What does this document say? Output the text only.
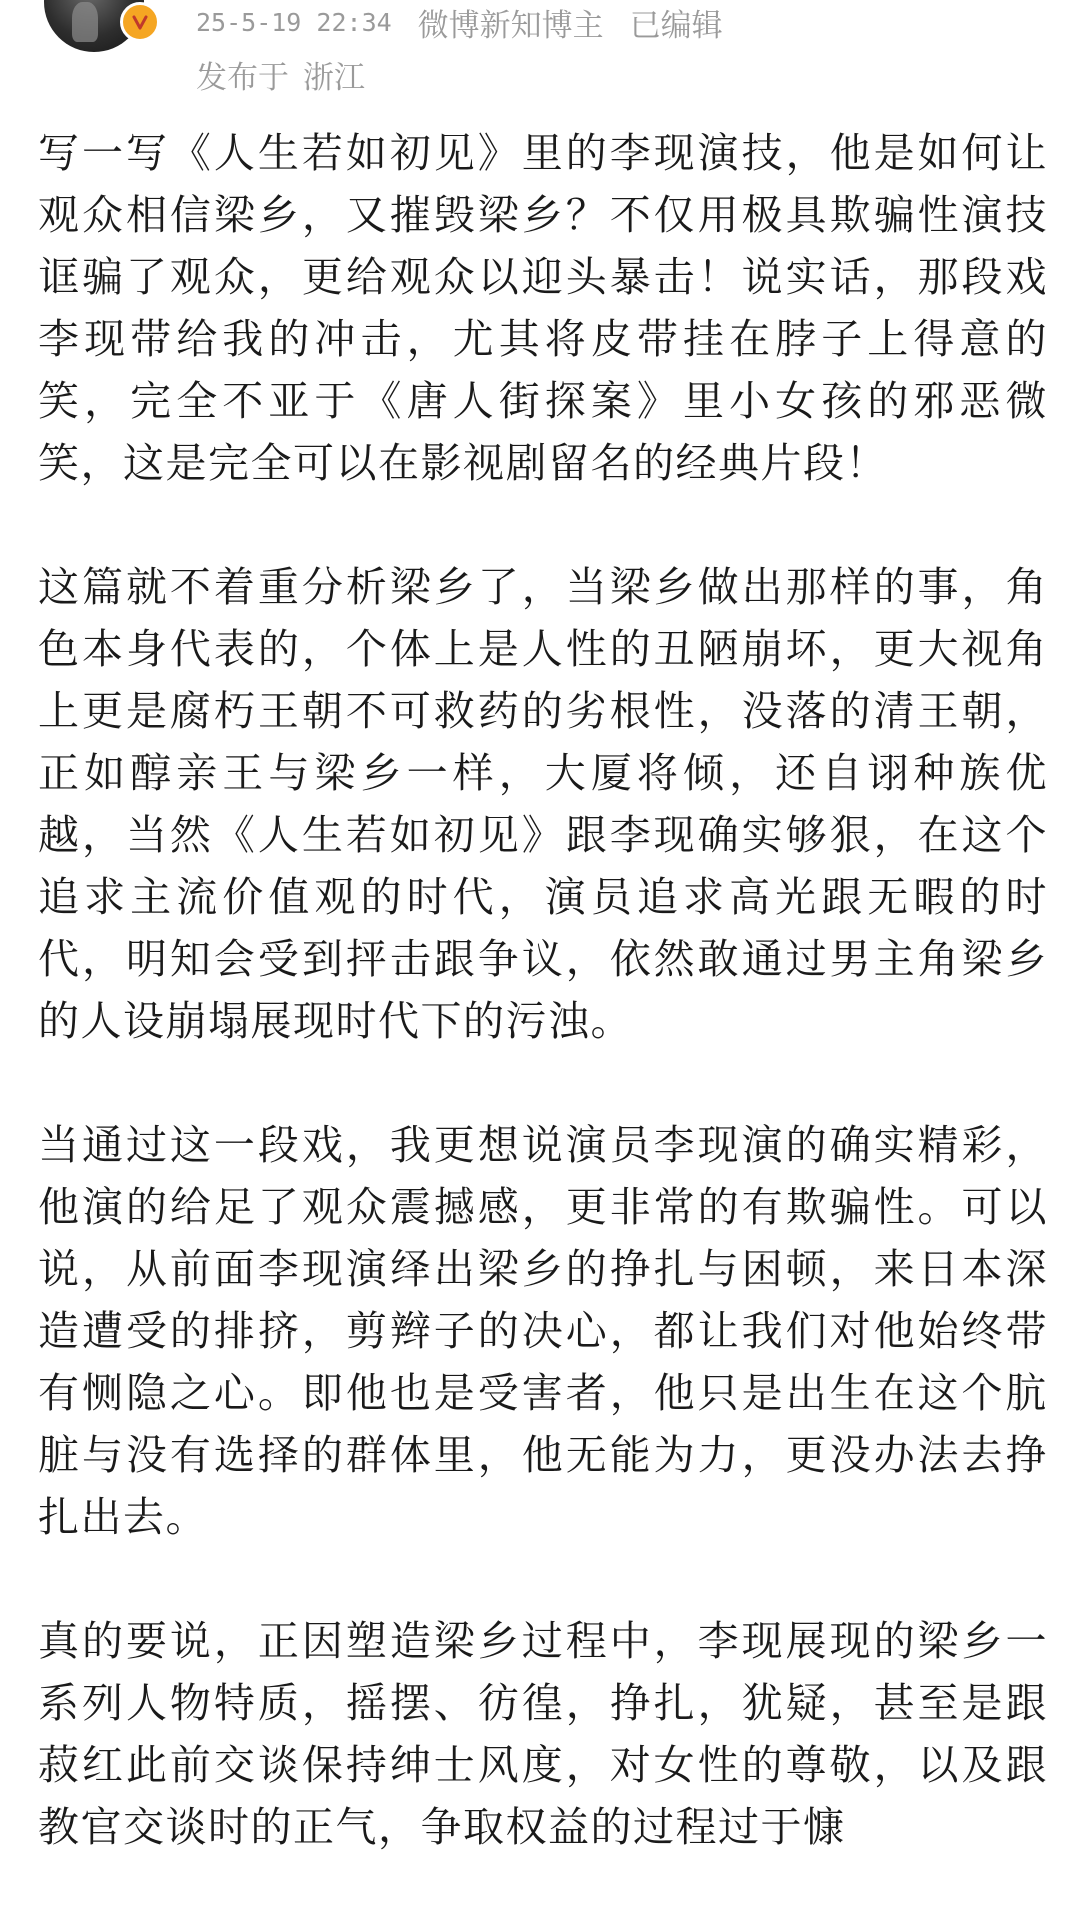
25-5-19 22:34 微博新知博主 已编辑
发布于 浙江

写一写《人生若如初见》里的李现演技，他是如何让观众相信梁乡，又摧毁梁乡？不仅用极具欺骗性演技诓骗了观众，更给观众以迎头暴击！说实话，那段戏李现带给我的冲击，尤其将皮带挂在脖子上得意的笑，完全不亚于《唐人街探案》里小女孩的邪恶微笑，这是完全可以在影视剧留名的经典片段！

这篇就不着重分析梁乡了，当梁乡做出那样的事，角色本身代表的，个体上是人性的丑陋崩坏，更大视角上更是腐朽王朝不可救药的劣根性，没落的清王朝，正如醇亲王与梁乡一样，大厦将倾，还自诩种族优越，当然《人生若如初见》跟李现确实够狠，在这个追求主流价值观的时代，演员追求高光跟无暇的时代，明知会受到抨击跟争议，依然敢通过男主角梁乡的人设崩塌展现时代下的污浊。

当通过这一段戏，我更想说演员李现演的确实精彩，他演的给足了观众震撼感，更非常的有欺骗性。可以说，从前面李现演绎出梁乡的挣扎与困顿，来日本深造遭受的排挤，剪辫子的决心，都让我们对他始终带有恻隐之心。即他也是受害者，他只是出生在这个肮脏与没有选择的群体里，他无能为力，更没办法去挣扎出去。

真的要说，正因塑造梁乡过程中，李现展现的梁乡一系列人物特质，摇摆、彷徨，挣扎，犹疑，甚至是跟菽红此前交谈保持绅士风度，对女性的尊敬，以及跟教官交谈时的正气，争取权益的过程过于慷
